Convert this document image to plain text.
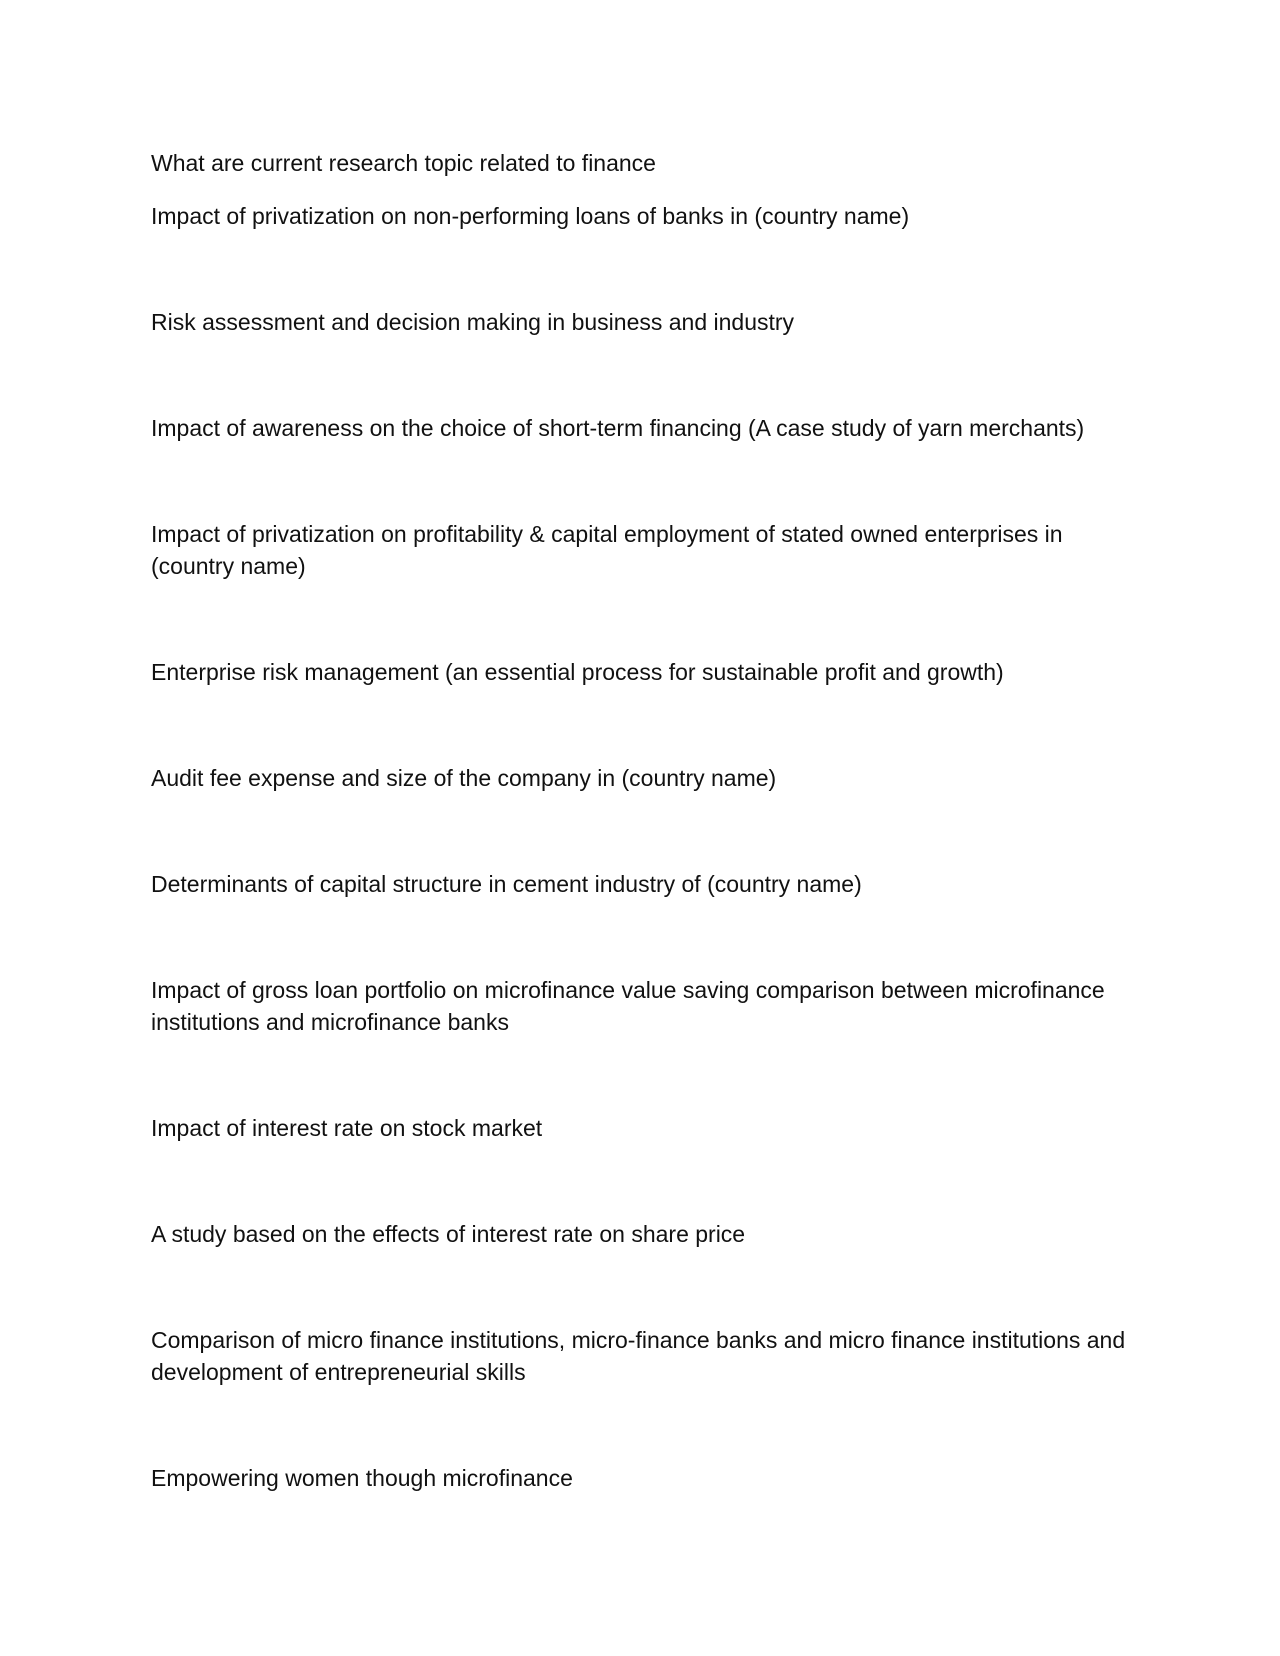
What are current research topic related to finance

Impact of privatization on non-performing loans of banks in (country name)
Risk assessment and decision making in business and industry
Impact of awareness on the choice of short-term financing (A case study of yarn merchants)
Impact of privatization on profitability & capital employment of stated owned enterprises in (country name)
Enterprise risk management (an essential process for sustainable profit and growth)
Audit fee expense and size of the company in (country name)
Determinants of capital structure in cement industry of (country name)
Impact of gross loan portfolio on microfinance value saving comparison between microfinance institutions and microfinance banks
Impact of interest rate on stock market
A study based on the effects of interest rate on share price
Comparison of micro finance institutions, micro-finance banks and micro finance institutions and development of entrepreneurial skills
Empowering women though microfinance
